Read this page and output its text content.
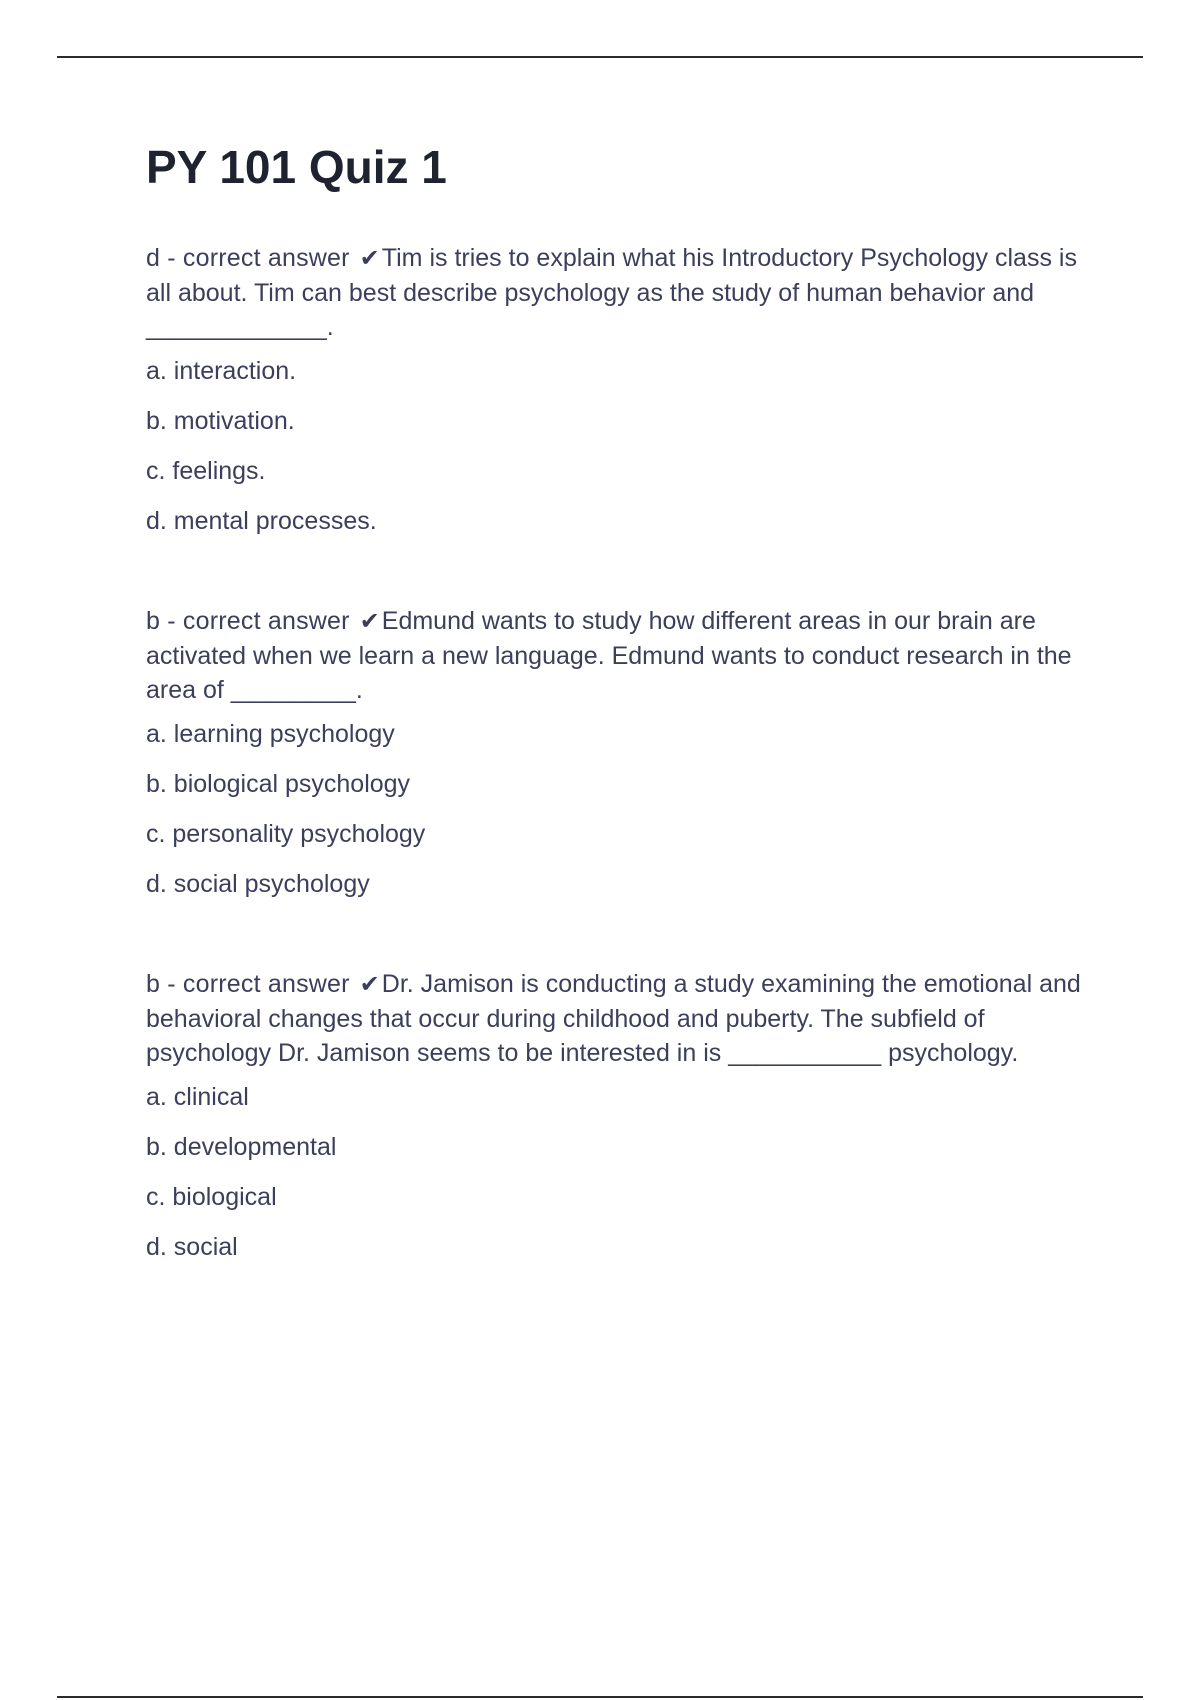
PY 101 Quiz 1

d - correct answer ✔Tim is tries to explain what his Introductory Psychology class is all about. Tim can best describe psychology as the study of human behavior and _____________.

a. interaction.

b. motivation.

c. feelings.

d. mental processes.

b - correct answer ✔Edmund wants to study how different areas in our brain are activated when we learn a new language. Edmund wants to conduct research in the area of _________.

a. learning psychology

b. biological psychology

c. personality psychology

d. social psychology

b - correct answer ✔Dr. Jamison is conducting a study examining the emotional and behavioral changes that occur during childhood and puberty. The subfield of psychology Dr. Jamison seems to be interested in is ___________ psychology.

a. clinical

b. developmental

c. biological

d. social
